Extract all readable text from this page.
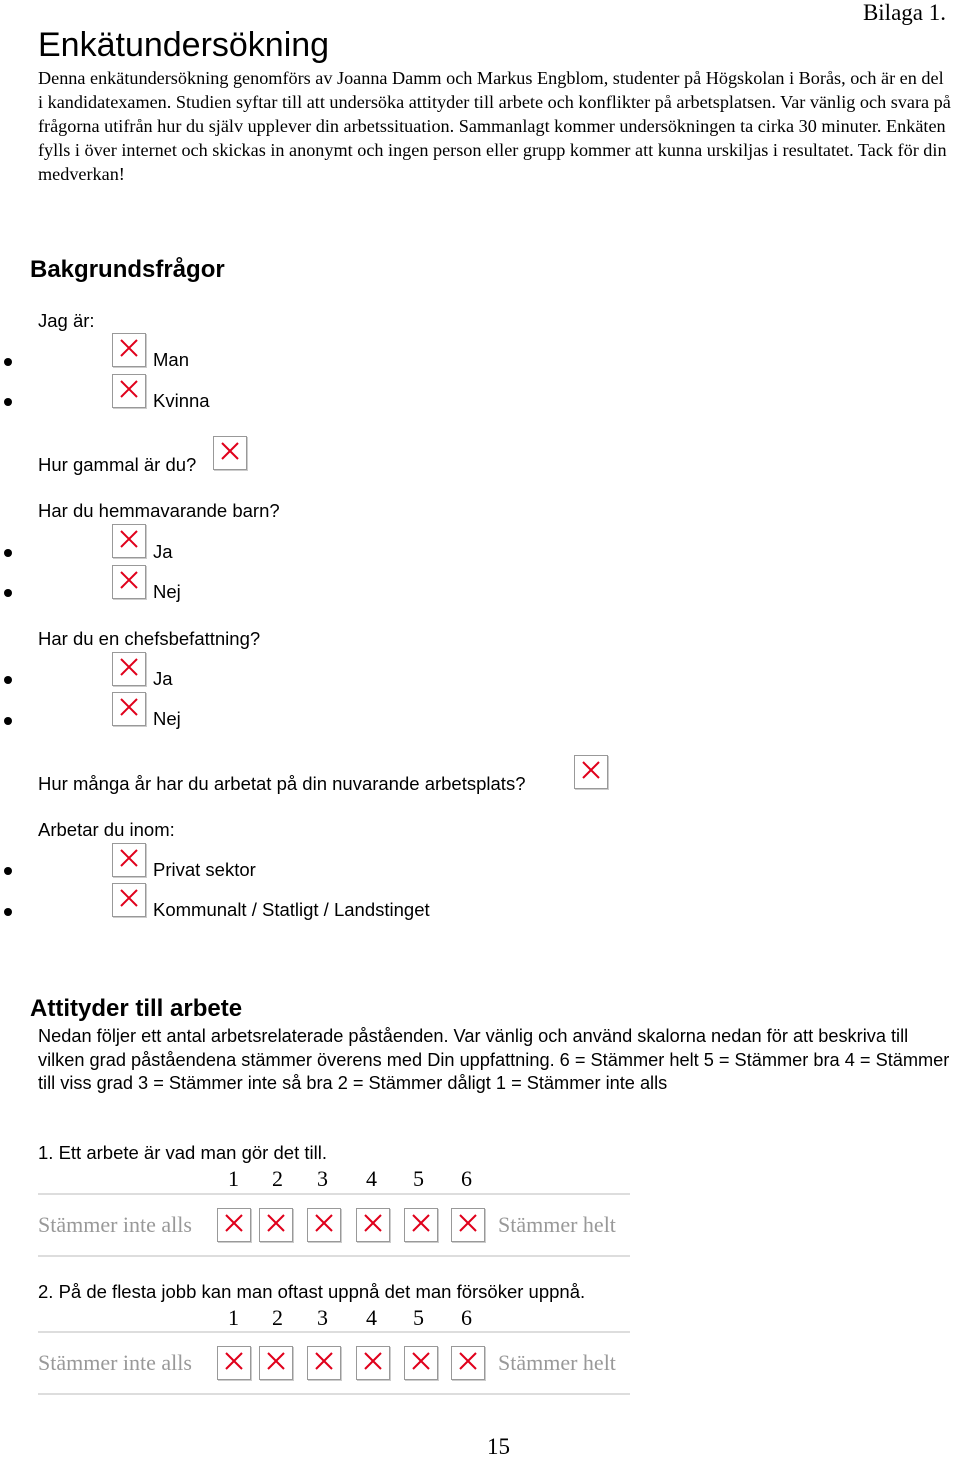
Bilaga 1.
Enkätundersökning
Denna enkätundersökning genomförs av Joanna Damm och Markus Engblom, studenter på Högskolan i Borås, och är en del i kandidatexamen. Studien syftar till att undersöka attityder till arbete och konflikter på arbetsplatsen. Var vänlig och svara på frågorna utifrån hur du själv upplever din arbetssituation. Sammanlagt kommer undersökningen ta cirka 30 minuter. Enkäten fylls i över internet och skickas in anonymt och ingen person eller grupp kommer att kunna urskiljas i resultatet. Tack för din medverkan!
Bakgrundsfrågor
Jag är:
Man
Kvinna
Hur gammal är du?
Har du hemmavarande barn?
Ja
Nej
Har du en chefsbefattning?
Ja
Nej
Hur många år har du arbetat på din nuvarande arbetsplats?
Arbetar du inom:
Privat sektor
Kommunalt / Statligt / Landstinget
Attityder till arbete
Nedan följer ett antal arbetsrelaterade påståenden. Var vänlig och använd skalorna nedan för att beskriva till vilken grad påståendena stämmer överens med Din uppfattning. 6 = Stämmer helt 5 = Stämmer bra 4 = Stämmer till viss grad 3 = Stämmer inte så bra 2 = Stämmer dåligt 1 = Stämmer inte alls
1. Ett arbete är vad man gör det till.
1 2 3 4 5 6
Stämmer inte alls	Stämmer helt
2. På de flesta jobb kan man oftast uppnå det man försöker uppnå.
1 2 3 4 5 6
Stämmer inte alls	Stämmer helt
15
